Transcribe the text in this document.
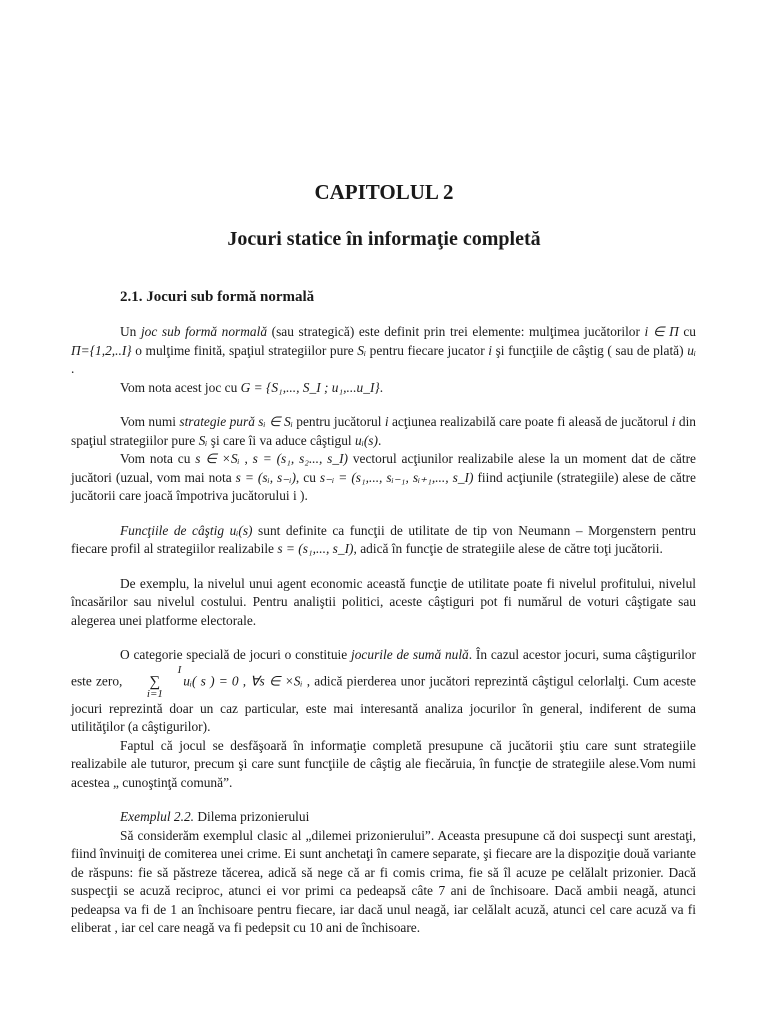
CAPITOLUL 2
Jocuri statice în informaţie completă
2.1. Jocuri sub formă normală

Un joc sub formă normală (sau strategică) este definit prin trei elemente: mulţimea jucătorilor i ∈ Π cu Π={1,2,..I} o mulţime finită, spaţiul strategiilor pure Sᵢ pentru fiecare jucator i şi funcţiile de câştig ( sau de plată) uᵢ .

Vom nota acest joc cu G = {S₁,..., S_I ; u₁,...u_I}.

Vom numi strategie pură sᵢ ∈ Sᵢ pentru jucătorul i acţiunea realizabilă care poate fi aleasă de jucătorul i din spaţiul strategiilor pure Sᵢ şi care îi va aduce câştigul uᵢ(s).

Vom nota cu s ∈ ×Sᵢ , s = (s₁, s₂..., s_I) vectorul acţiunilor realizabile alese la un moment dat de către jucători (uzual, vom mai nota s = (sᵢ, s₋ᵢ), cu s₋ᵢ = (s₁,..., sᵢ₋₁, sᵢ₊₁,..., s_I) fiind acţiunile (strategiile) alese de către jucătorii care joacă împotriva jucătorului i ).

Funcţiile de câştig uᵢ(s) sunt definite ca funcţii de utilitate de tip von Neumann – Morgenstern pentru fiecare profil al strategiilor realizabile s = (s₁,..., s_I), adică în funcţie de strategiile alese de către toţi jucătorii.

De exemplu, la nivelul unui agent economic această funcţie de utilitate poate fi nivelul profitului, nivelul încasărilor sau nivelul costului. Pentru analiştii politici, aceste câştiguri pot fi numărul de voturi câştigate sau alegerea unei platforme electorale.

O categorie specială de jocuri o constituie jocurile de sumă nulă. În cazul acestor jocuri, suma câştigurilor este zero, I
∑
i=1uᵢ( s ) = 0 , ∀s ∈ ×Sᵢ , adică pierderea unor jucători reprezintă câştigul celorlalţi. Cum aceste jocuri reprezintă doar un caz particular, este mai interesantă analiza jocurilor în general, indiferent de suma utilităţilor (a câştigurilor).

Faptul că jocul se desfăşoară în informaţie completă presupune că jucătorii ştiu care sunt strategiile realizabile ale tuturor, precum şi care sunt funcţiile de câştig ale fiecăruia, în funcţie de strategiile alese.Vom numi acestea „ cunoştinţă comună”.

Exemplul 2.2. Dilema prizonierului

Să considerăm exemplul clasic al „dilemei prizonierului”. Aceasta presupune că doi suspecţi sunt arestaţi, fiind învinuiţi de comiterea unei crime. Ei sunt anchetaţi în camere separate, şi fiecare are la dispoziţie două variante de răspuns: fie să păstreze tăcerea, adică să nege că ar fi comis crima, fie să îl acuze pe celălalt prizonier. Dacă suspecţii se acuză reciproc, atunci ei vor primi ca pedeapsă câte 7 ani de închisoare. Dacă ambii neagă, atunci pedeapsa va fi de 1 an închisoare pentru fiecare, iar dacă unul neagă, iar celălalt acuză, atunci cel care acuză va fi eliberat , iar cel care neagă va fi pedepsit cu 10 ani de închisoare.
